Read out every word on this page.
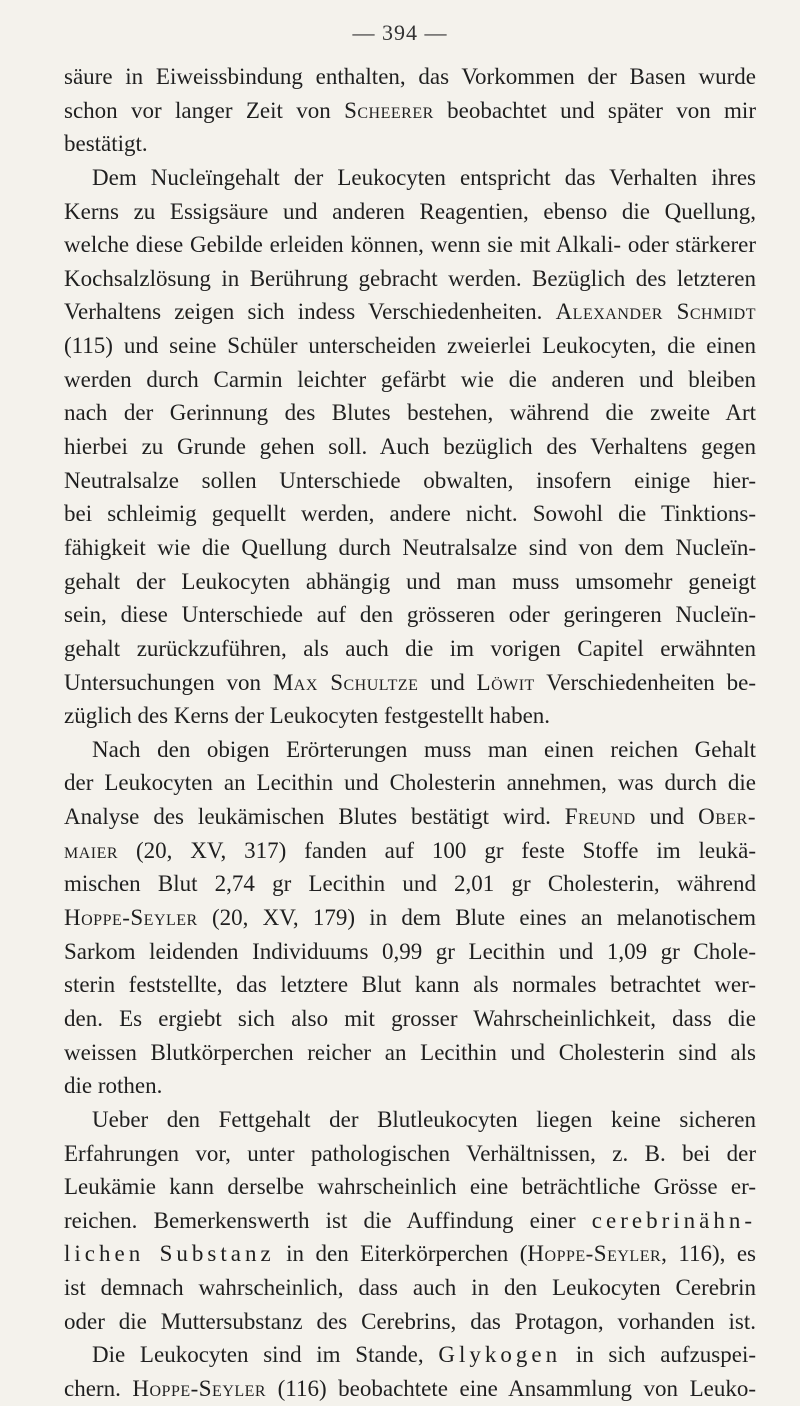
— 394 —
säure in Eiweissbindung enthalten, das Vorkommen der Basen wurde
schon vor langer Zeit von Scheerer beobachtet und später von mir
bestätigt.
Dem Nucleïngehalt der Leukocyten entspricht das Verhalten ihres
Kerns zu Essigsäure und anderen Reagentien, ebenso die Quellung,
welche diese Gebilde erleiden können, wenn sie mit Alkali- oder stärkerer
Kochsalzlösung in Berührung gebracht werden. Bezüglich des letzteren
Verhaltens zeigen sich indess Verschiedenheiten. Alexander Schmidt
(115) und seine Schüler unterscheiden zweierlei Leukocyten, die einen
werden durch Carmin leichter gefärbt wie die anderen und bleiben
nach der Gerinnung des Blutes bestehen, während die zweite Art
hierbei zu Grunde gehen soll. Auch bezüglich des Verhaltens gegen
Neutralsalze sollen Unterschiede obwalten, insofern einige hier-
bei schleimig gequellt werden, andere nicht. Sowohl die Tinktions-
fähigkeit wie die Quellung durch Neutralsalze sind von dem Nucleïn-
gehalt der Leukocyten abhängig und man muss umsomehr geneigt
sein, diese Unterschiede auf den grösseren oder geringeren Nucleïn-
gehalt zurückzuführen, als auch die im vorigen Capitel erwähnten
Untersuchungen von Max Schultze und Löwit Verschiedenheiten be-
züglich des Kerns der Leukocyten festgestellt haben.
Nach den obigen Erörterungen muss man einen reichen Gehalt
der Leukocyten an Lecithin und Cholesterin annehmen, was durch die
Analyse des leukämischen Blutes bestätigt wird. Freund und Ober-
maier (20, XV, 317) fanden auf 100 gr feste Stoffe im leukä-
mischen Blut 2,74 gr Lecithin und 2,01 gr Cholesterin, während
Hoppe-Seyler (20, XV, 179) in dem Blute eines an melanotischem
Sarkom leidenden Individuums 0,99 gr Lecithin und 1,09 gr Chole-
sterin feststellte, das letztere Blut kann als normales betrachtet wer-
den. Es ergiebt sich also mit grosser Wahrscheinlichkeit, dass die
weissen Blutkörperchen reicher an Lecithin und Cholesterin sind als
die rothen.
Ueber den Fettgehalt der Blutleukocyten liegen keine sicheren
Erfahrungen vor, unter pathologischen Verhältnissen, z. B. bei der
Leukämie kann derselbe wahrscheinlich eine beträchtliche Grösse er-
reichen. Bemerkenswerth ist die Auffindung einer cerebrinähn-
lichen Substanz in den Eiterkörperchen (Hoppe-Seyler, 116), es
ist demnach wahrscheinlich, dass auch in den Leukocyten Cerebrin
oder die Muttersubstanz des Cerebrins, das Protagon, vorhanden ist.
Die Leukocyten sind im Stande, Glykogen in sich aufzuspei-
chern. Hoppe-Seyler (116) beobachtete eine Ansammlung von Leuko-
